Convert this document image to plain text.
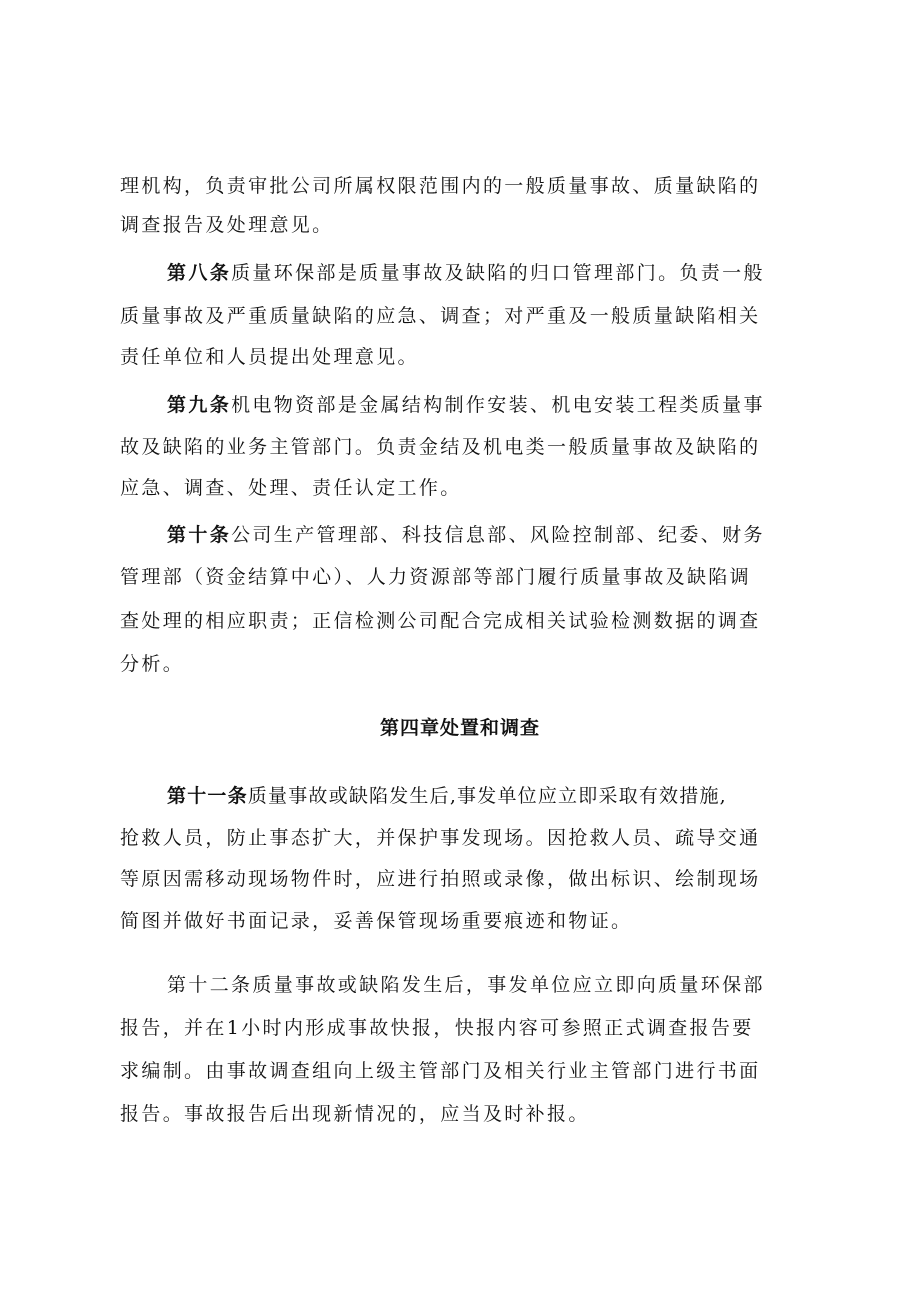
理机构，负责审批公司所属权限范围内的一般质量事故、质量缺陷的
调查报告及处理意见。
第八条质量环保部是质量事故及缺陷的归口管理部门。负责一般
质量事故及严重质量缺陷的应急、调查；对严重及一般质量缺陷相关
责任单位和人员提出处理意见。
第九条机电物资部是金属结构制作安装、机电安装工程类质量事
故及缺陷的业务主管部门。负责金结及机电类一般质量事故及缺陷的
应急、调查、处理、责任认定工作。
第十条公司生产管理部、科技信息部、风险控制部、纪委、财务
管理部（资金结算中心）、人力资源部等部门履行质量事故及缺陷调
查处理的相应职责；正信检测公司配合完成相关试验检测数据的调查
分析。
第四章处置和调查
第十一条质量事故或缺陷发生后,事发单位应立即采取有效措施,
抢救人员，防止事态扩大，并保护事发现场。因抢救人员、疏导交通
等原因需移动现场物件时，应进行拍照或录像，做出标识、绘制现场
简图并做好书面记录，妥善保管现场重要痕迹和物证。
第十二条质量事故或缺陷发生后，事发单位应立即向质量环保部
报告，并在1小时内形成事故快报，快报内容可参照正式调查报告要
求编制。由事故调查组向上级主管部门及相关行业主管部门进行书面
报告。事故报告后出现新情况的，应当及时补报。
